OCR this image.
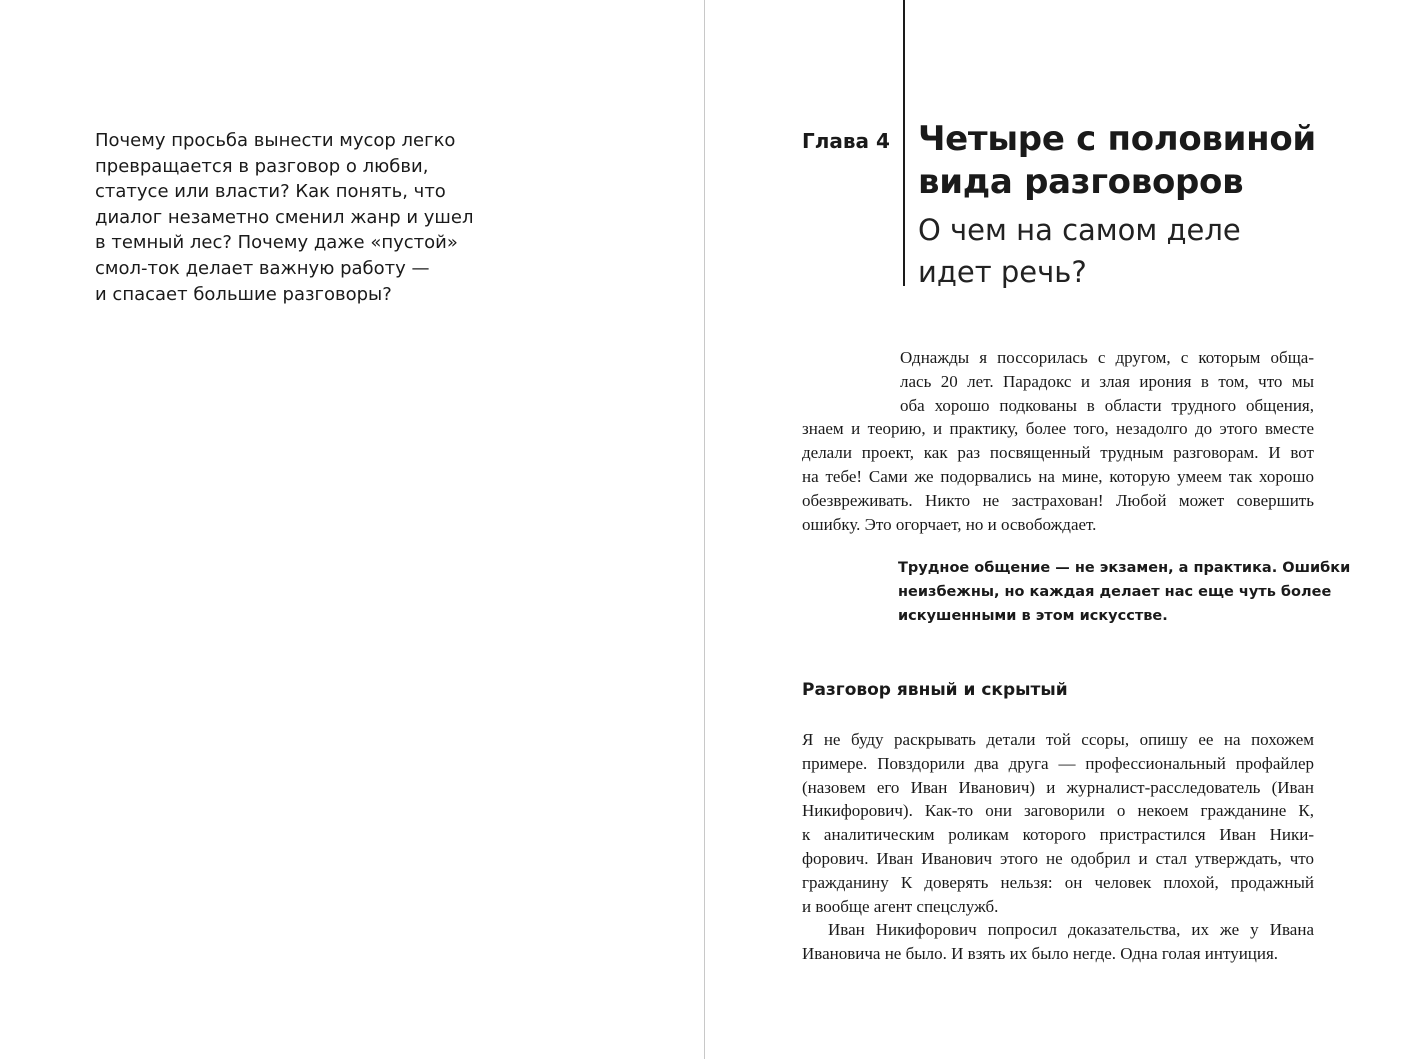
Почему просьба вынести мусор легко
превращается в разговор о любви,
статусе или власти? Как понять, что
диалог незаметно сменил жанр и ушел
в темный лес? Почему даже «пустой»
смол-ток делает важную работу —
и спасает большие разговоры?
Глава 4 Четыре с половиной
вида разговоров
О чем на самом деле
идет речь?
Однажды я поссорилась с другом, с которым обща-
лась 20 лет. Парадокс и злая ирония в том, что мы
оба хорошо подкованы в области трудного общения,
знаем и теорию, и практику, более того, незадолго до этого вместе
делали проект, как раз посвященный трудным разговорам. И вот
на тебе! Сами же подорвались на мине, которую умеем так хорошо
обезвреживать. Никто не застрахован! Любой может совершить
ошибку. Это огорчает, но и освобождает.
Трудное общение — не экзамен, а практика. Ошибки
неизбежны, но каждая делает нас еще чуть более
искушенными в этом искусстве.
Разговор явный и скрытый
Я не буду раскрывать детали той ссоры, опишу ее на похожем
примере. Повздорили два друга — профессиональный профайлер
(назовем его Иван Иванович) и журналист-расследователь (Иван
Никифорович). Как-то они заговорили о некоем гражданине К,
к аналитическим роликам которого пристрастился Иван Ники-
форович. Иван Иванович этого не одобрил и стал утверждать, что
гражданину К доверять нельзя: он человек плохой, продажный
и вообще агент спецслужб.
Иван Никифорович попросил доказательства, их же у Ивана
Ивановича не было. И взять их было негде. Одна голая интуиция.
